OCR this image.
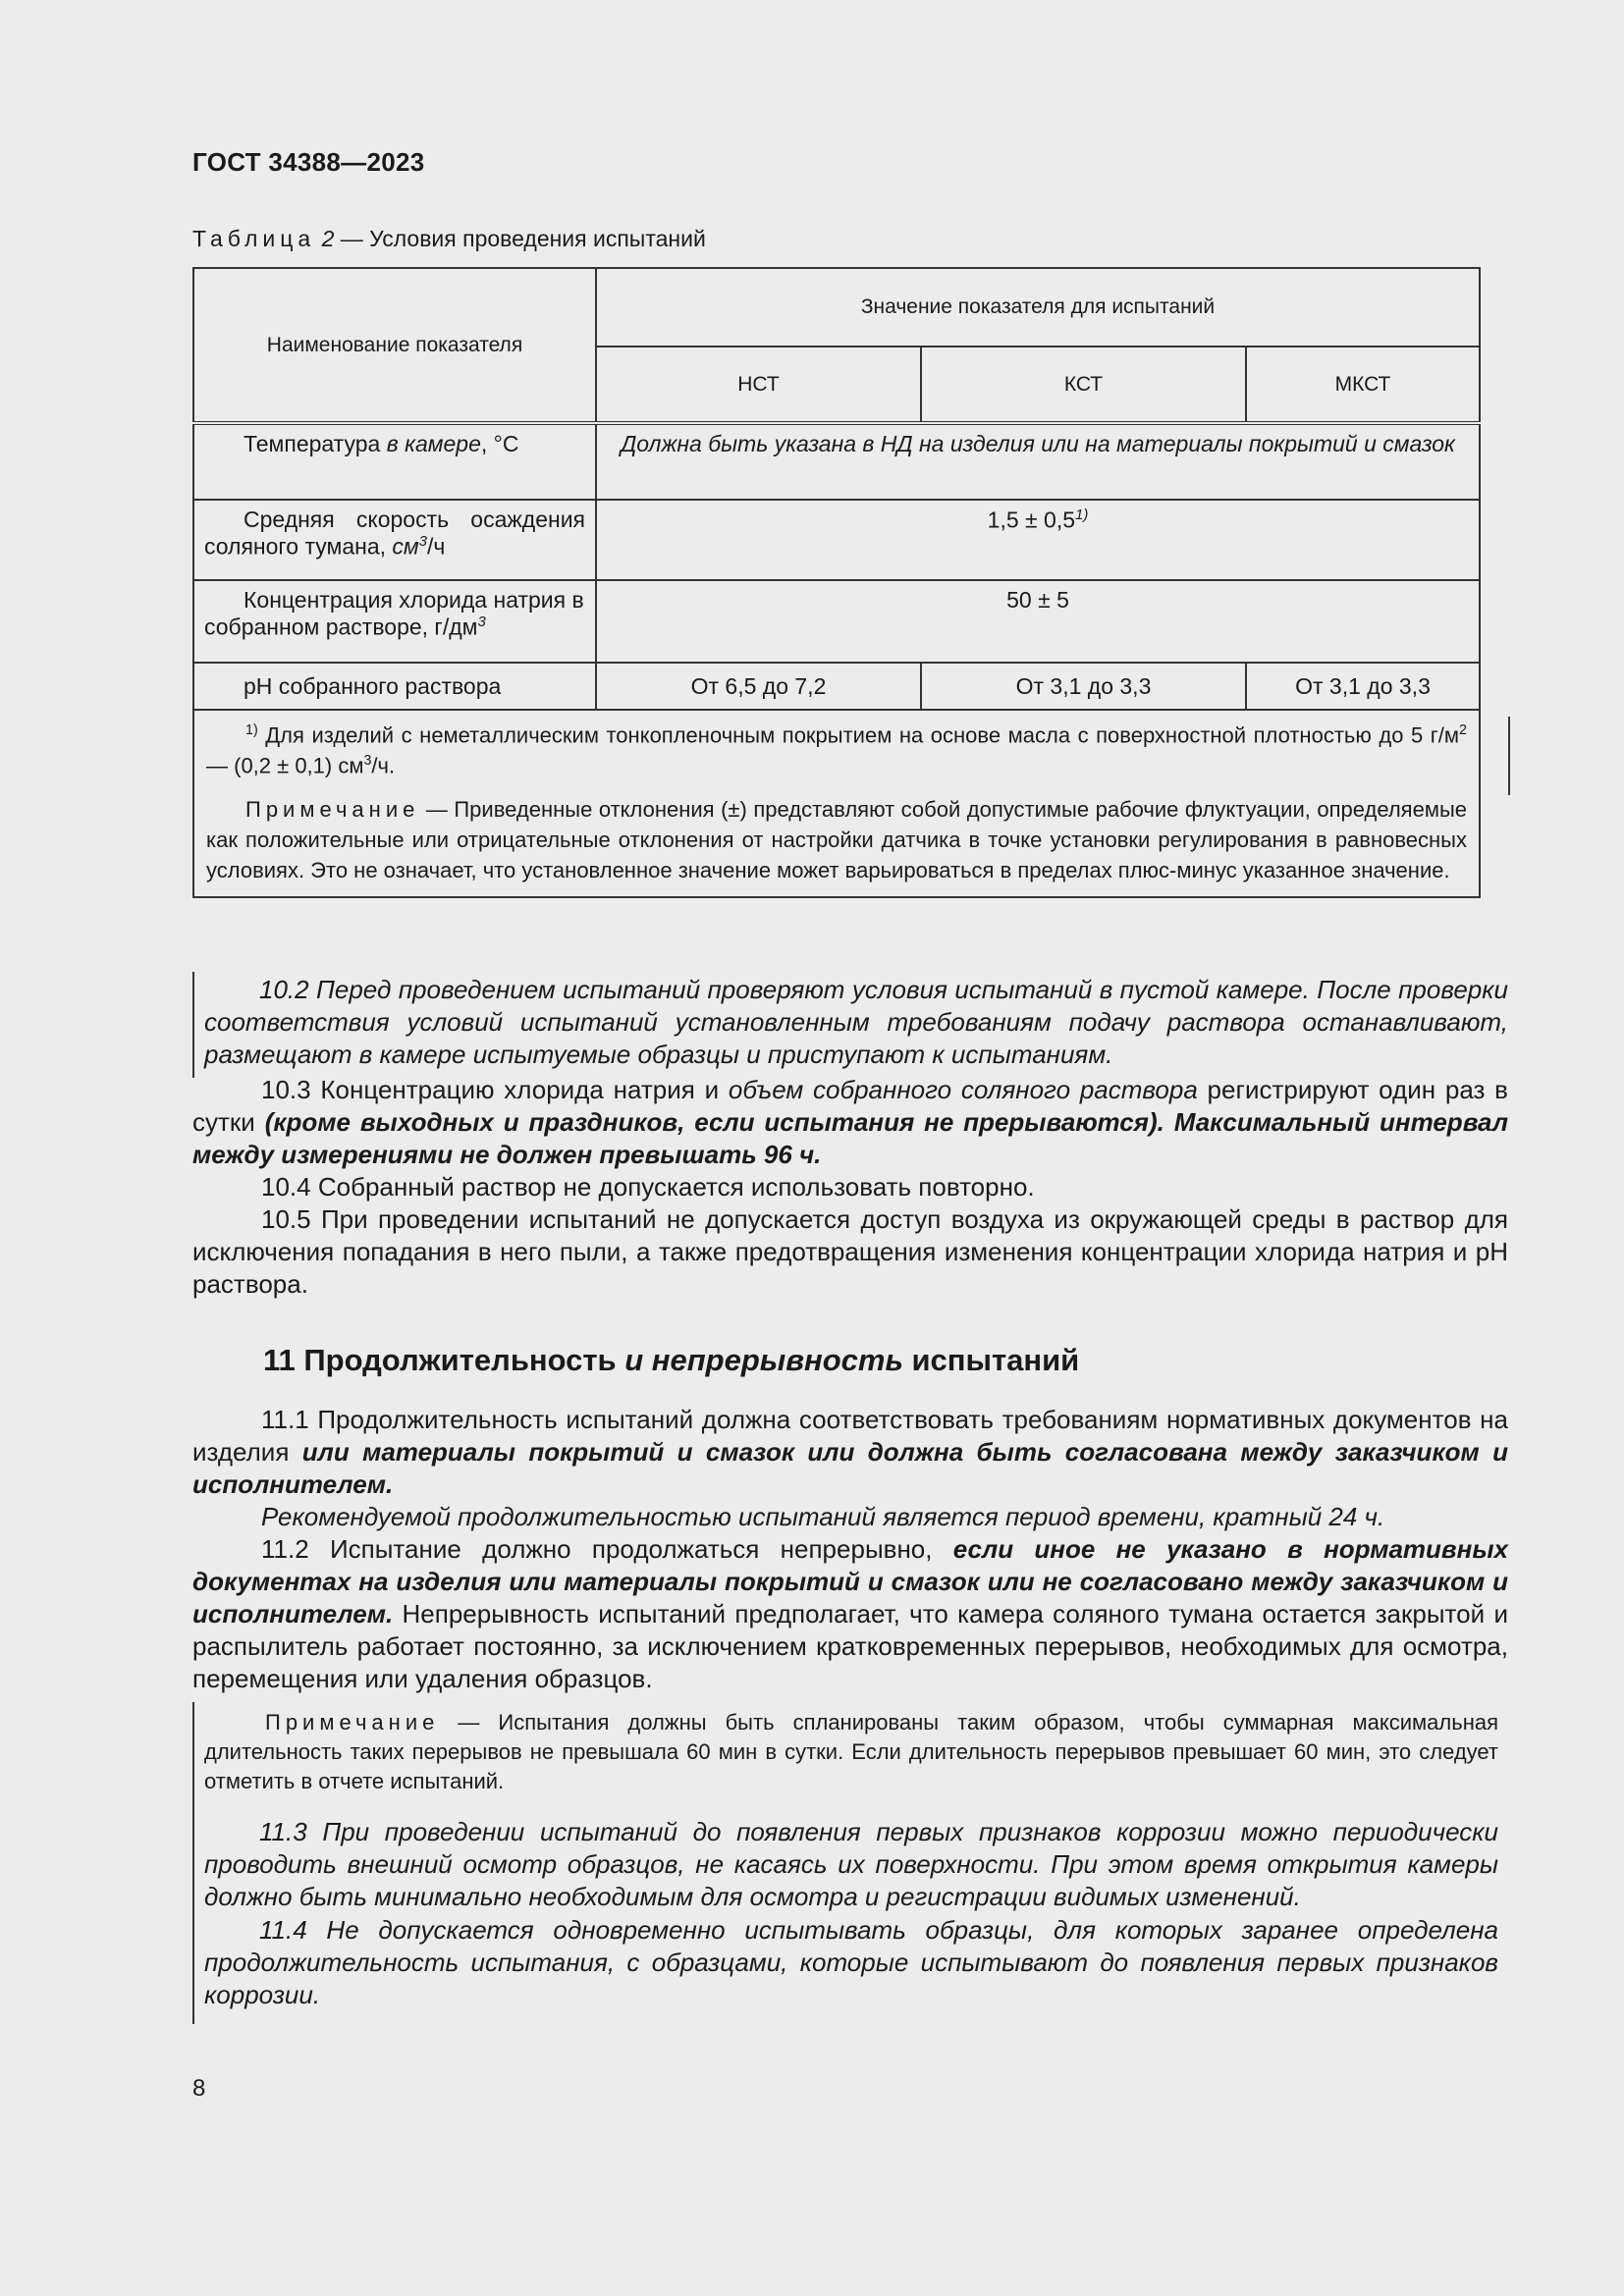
ГОСТ 34388—2023
Таблица 2 — Условия проведения испытаний
Наименование показателя	Значение показателя для испытаний		
	НСТ	КСТ	МКСТ
Температура в камере, °С	Должна быть указана в НД на изделия или на материалы покрытий и смазок		
Средняя скорость осаждения соляного тумана, $см^3/ч$	$1,5 \pm 0,5^{1)}$
Концентрация хлорида натрия в собранном растворе, $г/дм^3$	50 ± 5		
рН собранного раствора	От 6,5 до 7,2	От 3,1 до 3,3	От 3,1 до 3,3

$^{1)}$ Для изделий с неметаллическим тонкопленочным покрытием на основе масла с поверхностной плотностью до 5 $г/м^2$ — (0,2 ± 0,1) $см^3/ч$.

Примечание — Приведенные отклонения (±) представляют собой допустимые рабочие флуктуации, определяемые как положительные или отрицательные отклонения от настройки датчика в точке установки регулирования в равновесных условиях. Это не означает, что установленное значение может варьироваться в пределах плюс-минус указанное значение.			

10.2 Перед проведением испытаний проверяют условия испытаний в пустой камере. После проверки соответствия условий испытаний установленным требованиям подачу раствора останавливают, размещают в камере испытуемые образцы и приступают к испытаниям.

10.3 Концентрацию хлорида натрия и объем собранного соляного раствора регистрируют один раз в сутки (кроме выходных и праздников, если испытания не прерываются). Максимальный интервал между измерениями не должен превышать 96 ч.

10.4 Собранный раствор не допускается использовать повторно.

10.5 При проведении испытаний не допускается доступ воздуха из окружающей среды в раствор для исключения попадания в него пыли, а также предотвращения изменения концентрации хлорида натрия и рН раствора.

11 Продолжительность и непрерывность испытаний

11.1 Продолжительность испытаний должна соответствовать требованиям нормативных документов на изделия или материалы покрытий и смазок или должна быть согласована между заказчиком и исполнителем.

Рекомендуемой продолжительностью испытаний является период времени, кратный 24 ч.

11.2 Испытание должно продолжаться непрерывно, если иное не указано в нормативных документах на изделия или материалы покрытий и смазок или не согласовано между заказчиком и исполнителем. Непрерывность испытаний предполагает, что камера соляного тумана остается закрытой и распылитель работает постоянно, за исключением кратковременных перерывов, необходимых для осмотра, перемещения или удаления образцов.

Примечание — Испытания должны быть спланированы таким образом, чтобы суммарная максимальная длительность таких перерывов не превышала 60 мин в сутки. Если длительность перерывов превышает 60 мин, это следует отметить в отчете испытаний.

11.3 При проведении испытаний до появления первых признаков коррозии можно периодически проводить внешний осмотр образцов, не касаясь их поверхности. При этом время открытия камеры должно быть минимально необходимым для осмотра и регистрации видимых изменений.

11.4 Не допускается одновременно испытывать образцы, для которых заранее определена продолжительность испытания, с образцами, которые испытывают до появления первых признаков коррозии.

8
